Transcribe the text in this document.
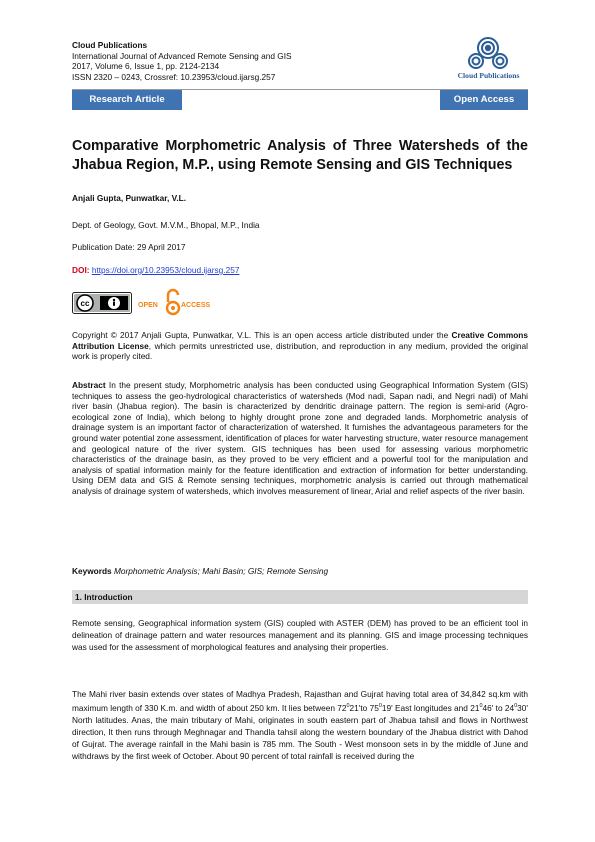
Cloud Publications
International Journal of Advanced Remote Sensing and GIS
2017, Volume 6, Issue 1, pp. 2124-2134
ISSN 2320 – 0243, Crossref: 10.23953/cloud.ijarsg.257	Cloud Publications
Research Article	Open Access
Comparative Morphometric Analysis of Three Watersheds of the
Jhabua Region, M.P., using Remote Sensing and GIS Techniques
Anjali Gupta, Punwatkar, V.L.
Dept. of Geology, Govt. M.V.M., Bhopal, M.P., India
Publication Date: 29 April 2017
DOI: https://doi.org/10.23953/cloud.ijarsg.257
cc	OPEN	ACCESS
Copyright © 2017 Anjali Gupta, Punwatkar, V.L. This is an open access article distributed under the Creative Commons Attribution License, which permits unrestricted use, distribution, and reproduction in any medium, provided the original work is properly cited.
Abstract In the present study, Morphometric analysis has been conducted using Geographical Information System (GIS) techniques to assess the geo-hydrological characteristics of watersheds (Mod nadi, Sapan nadi, and Negri nadi) of Mahi river basin (Jhabua region). The basin is characterized by dendritic drainage pattern. The region is semi-arid (Agro-ecological zone of India), which belong to highly drought prone zone and degraded lands. Morphometric analysis of drainage system is an important factor of characterization of watershed. It furnishes the advantageous parameters for the ground water potential zone assessment, identification of places for water harvesting structure, water resource management and geological nature of the river system. GIS techniques has been used for assessing various morphometric characteristics of the drainage basin, as they proved to be very efficient and a powerful tool for the manipulation and analysis of spatial information mainly for the feature identification and extraction of information for better understanding. Using DEM data and GIS & Remote sensing techniques, morphometric analysis is carried out through mathematical analysis of drainage system of watersheds, which involves measurement of linear, Arial and relief aspects of the river basin.
Keywords Morphometric Analysis; Mahi Basin; GIS; Remote Sensing
1. Introduction
Remote sensing, Geographical information system (GIS) coupled with ASTER (DEM) has proved to be an efficient tool in delineation of drainage pattern and water resources management and its planning. GIS and image processing techniques was used for the assessment of morphological features and analysing their properties.
The Mahi river basin extends over states of Madhya Pradesh, Rajasthan and Gujrat having total area of 34,842 sq.km with maximum length of 330 K.m. and width of about 250 km. It lies between $72^021'to$ $75^019'$ East longitudes and $21^046'$ to $24^030'$ North latitudes. Anas, the main tributary of Mahi, originates in south eastern part of Jhabua tahsil and flows in Northwest direction, It then runs through Meghnagar and Thandla tahsil along the western boundary of the Jhabua district with Dahod of Gujrat. The average rainfall in the Mahi basin is 785 mm. The South - West monsoon sets in by the middle of June and withdraws by the first week of October. About 90 percent of total rainfall is received during the
